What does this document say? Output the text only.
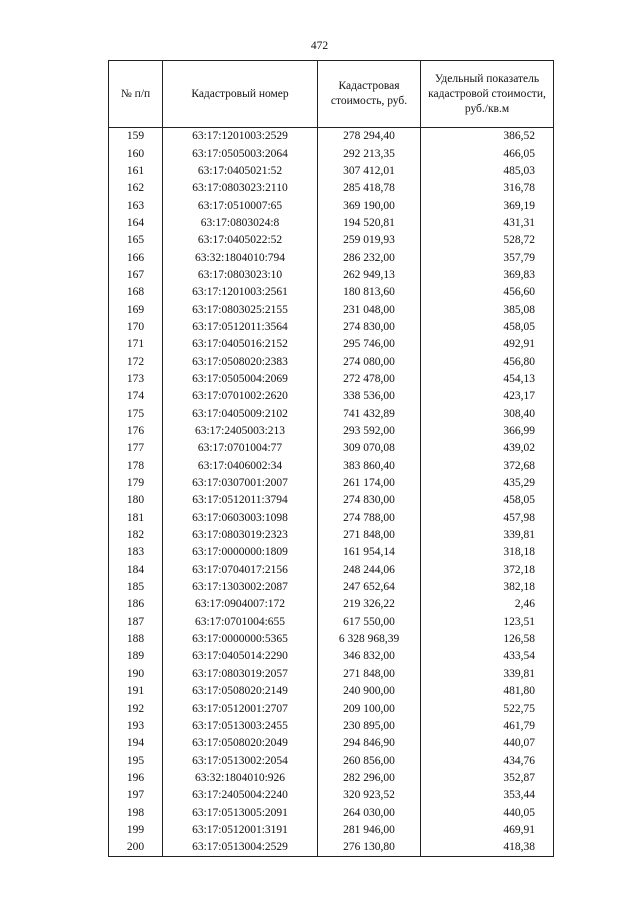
472
№ п/п	Кадастровый номер	Кадастровая стоимость, руб.	Удельный показатель кадастровой стоимости, руб./кв.м
159	63:17:1201003:2529	278 294,40	386,52
160	63:17:0505003:2064	292 213,35	466,05
161	63:17:0405021:52	307 412,01	485,03
162	63:17:0803023:2110	285 418,78	316,78
163	63:17:0510007:65	369 190,00	369,19
164	63:17:0803024:8	194 520,81	431,31
165	63:17:0405022:52	259 019,93	528,72
166	63:32:1804010:794	286 232,00	357,79
167	63:17:0803023:10	262 949,13	369,83
168	63:17:1201003:2561	180 813,60	456,60
169	63:17:0803025:2155	231 048,00	385,08
170	63:17:0512011:3564	274 830,00	458,05
171	63:17:0405016:2152	295 746,00	492,91
172	63:17:0508020:2383	274 080,00	456,80
173	63:17:0505004:2069	272 478,00	454,13
174	63:17:0701002:2620	338 536,00	423,17
175	63:17:0405009:2102	741 432,89	308,40
176	63:17:2405003:213	293 592,00	366,99
177	63:17:0701004:77	309 070,08	439,02
178	63:17:0406002:34	383 860,40	372,68
179	63:17:0307001:2007	261 174,00	435,29
180	63:17:0512011:3794	274 830,00	458,05
181	63:17:0603003:1098	274 788,00	457,98
182	63:17:0803019:2323	271 848,00	339,81
183	63:17:0000000:1809	161 954,14	318,18
184	63:17:0704017:2156	248 244,06	372,18
185	63:17:1303002:2087	247 652,64	382,18
186	63:17:0904007:172	219 326,22	2,46
187	63:17:0701004:655	617 550,00	123,51
188	63:17:0000000:5365	6 328 968,39	126,58
189	63:17:0405014:2290	346 832,00	433,54
190	63:17:0803019:2057	271 848,00	339,81
191	63:17:0508020:2149	240 900,00	481,80
192	63:17:0512001:2707	209 100,00	522,75
193	63:17:0513003:2455	230 895,00	461,79
194	63:17:0508020:2049	294 846,90	440,07
195	63:17:0513002:2054	260 856,00	434,76
196	63:32:1804010:926	282 296,00	352,87
197	63:17:2405004:2240	320 923,52	353,44
198	63:17:0513005:2091	264 030,00	440,05
199	63:17:0512001:3191	281 946,00	469,91
200	63:17:0513004:2529	276 130,80	418,38
